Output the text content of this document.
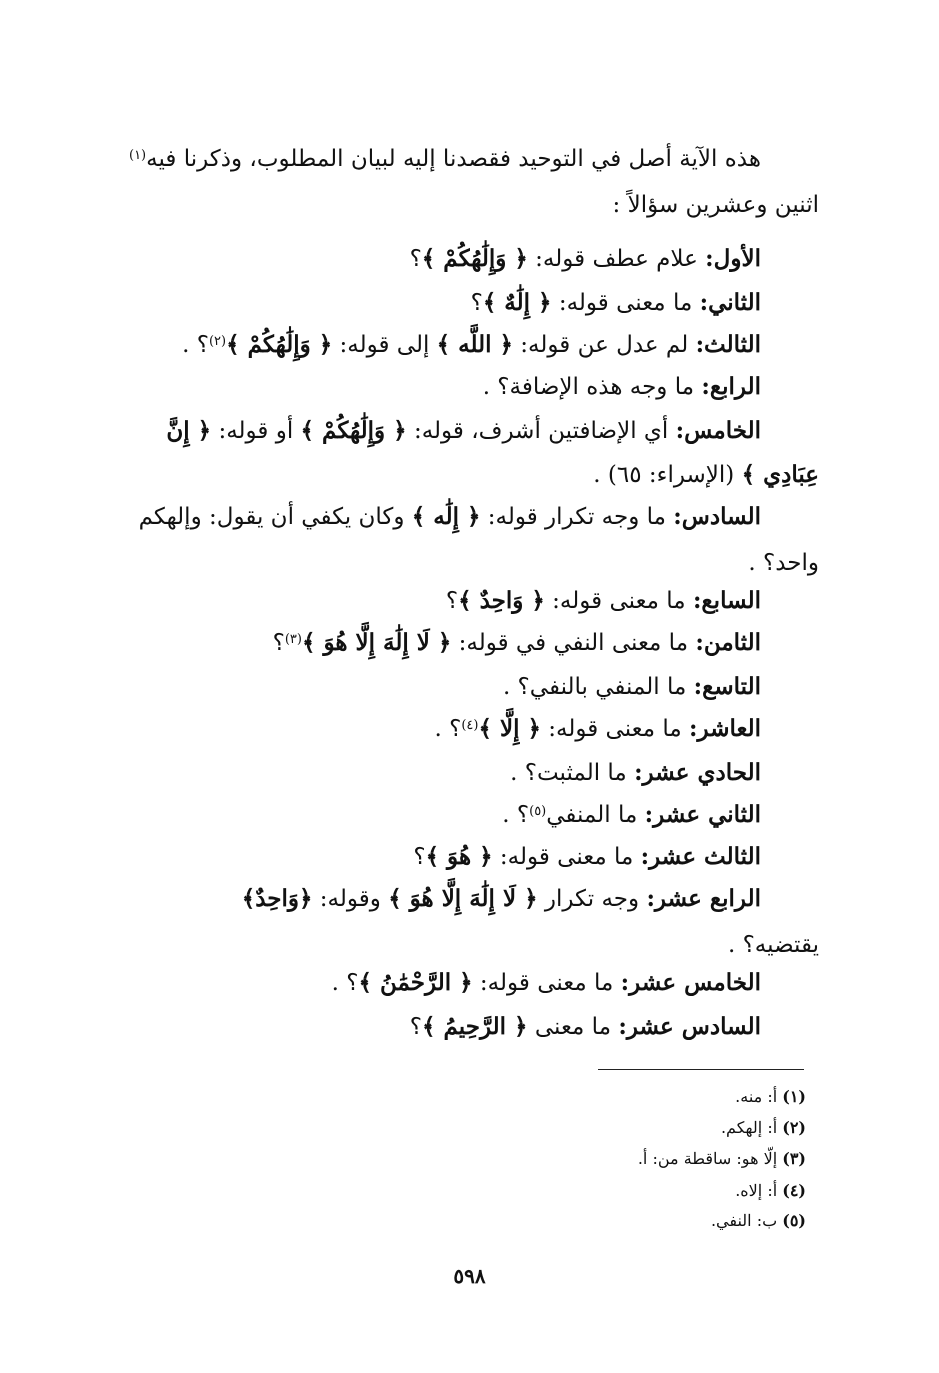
هذه الآية أصل في التوحيد فقصدنا إليه لبيان المطلوب، وذكرنا فيه$^{(١)}$
اثنين وعشرين سؤالاً :
الأول: علام عطف قوله: ﴿ وَإِلَٰهُكُمْ ﴾؟
الثاني: ما معنى قوله: ﴿ إِلَٰهٌ ﴾؟
الثالث: لم عدل عن قوله: ﴿ اللَّه ﴾ إلى قوله: ﴿ وَإِلَٰهُكُمْ ﴾$^{(٢)}$؟ .
الرابع: ما وجه هذه الإضافة؟ .
الخامس: أي الإضافتين أشرف، قوله: ﴿ وَإِلَٰهُكُمْ ﴾ أو قوله: ﴿ إِنَّ
عِبَادِي ﴾ (الإسراء: ٦٥) .
السادس: ما وجه تكرار قوله: ﴿ إِلَٰه ﴾ وكان يكفي أن يقول: وإلهكم
واحد؟ .
السابع: ما معنى قوله: ﴿ وَاحِدٌ ﴾؟
الثامن: ما معنى النفي في قوله: ﴿ لَا إِلَٰهَ إِلَّا هُوَ ﴾$^{(٣)}$؟
التاسع: ما المنفي بالنفي؟ .
العاشر: ما معنى قوله: ﴿ إِلَّا ﴾$^{(٤)}$؟ .
الحادي عشر: ما المثبت؟ .
الثاني عشر: ما المنفي$^{(٥)}$؟ .
الثالث عشر: ما معنى قوله: ﴿ هُوَ ﴾؟
الرابع عشر: وجه تكرار ﴿ لَا إِلَٰهَ إِلَّا هُوَ ﴾ وقوله: ﴿وَاحِدٌ﴾
يقتضيه؟ .
الخامس عشر: ما معنى قوله: ﴿ الرَّحْمَٰنُ ﴾؟ .
السادس عشر: ما معنى ﴿ الرَّحِيمُ ﴾؟
(١) أ: منه.
(٢) أ: إلهكم.
(٣) إلّا هو: ساقطة من: أ.
(٤) أ: إلاه.
(٥) ب: النفي.
٥٩٨
